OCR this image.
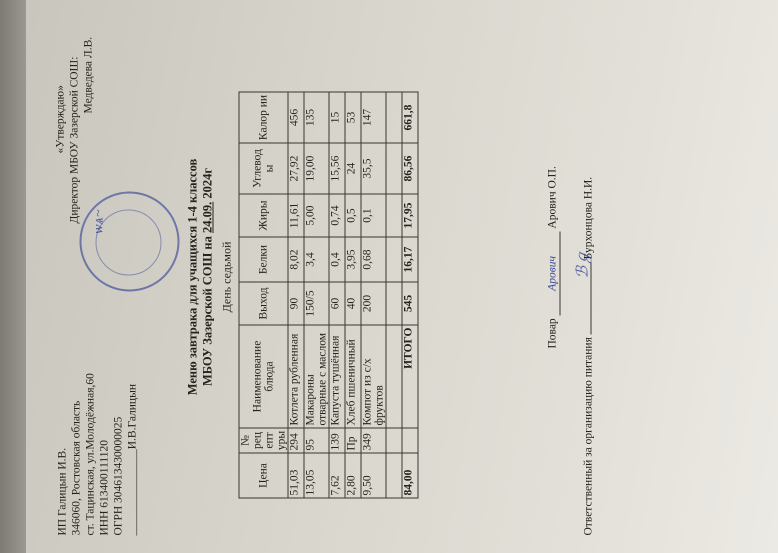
ИП Галицын И.В. 346060, Ростовская область ст. Тацинская, ул.Молодёжная,60 ИНН 613400111120 ОГРН 304613430000025 _______________И.В.Галицын
«Утверждаю» Директор МБОУ Зазерской СОШ: Медведева Л.В.
ѡѧ~	Меню завтрака для учащихся 1-4 классов МБОУ Зазерской СОШ на 24.09. 2024г
День седьмой
Цена	№ рец епт уры	Наименование блюда	Выход	Белки	Жиры	Углевод ы	Калор ии
51,03	294	Котлета рубленная	90	8,02	11,61	27,92	456
13,05	95	Макароны отварные с маслом	150/5	3,4	5,00	19,00	135
7,62	139	Капуста тушённая	60	0,4	0,74	15,56	15
2,80	Пр	Хлеб пшеничный	40	3,95	0,5	24	53
9,50	349	Компот из с/х фруктов	200	0,68	0,1	35,5	147

84,00		ИТОГО	545	16,17	17,95	86,56	661,8
Повар Арович Арович О.П.
Ответственный за организацию питания  Бурхонцова Н.И.
ℬℊ
